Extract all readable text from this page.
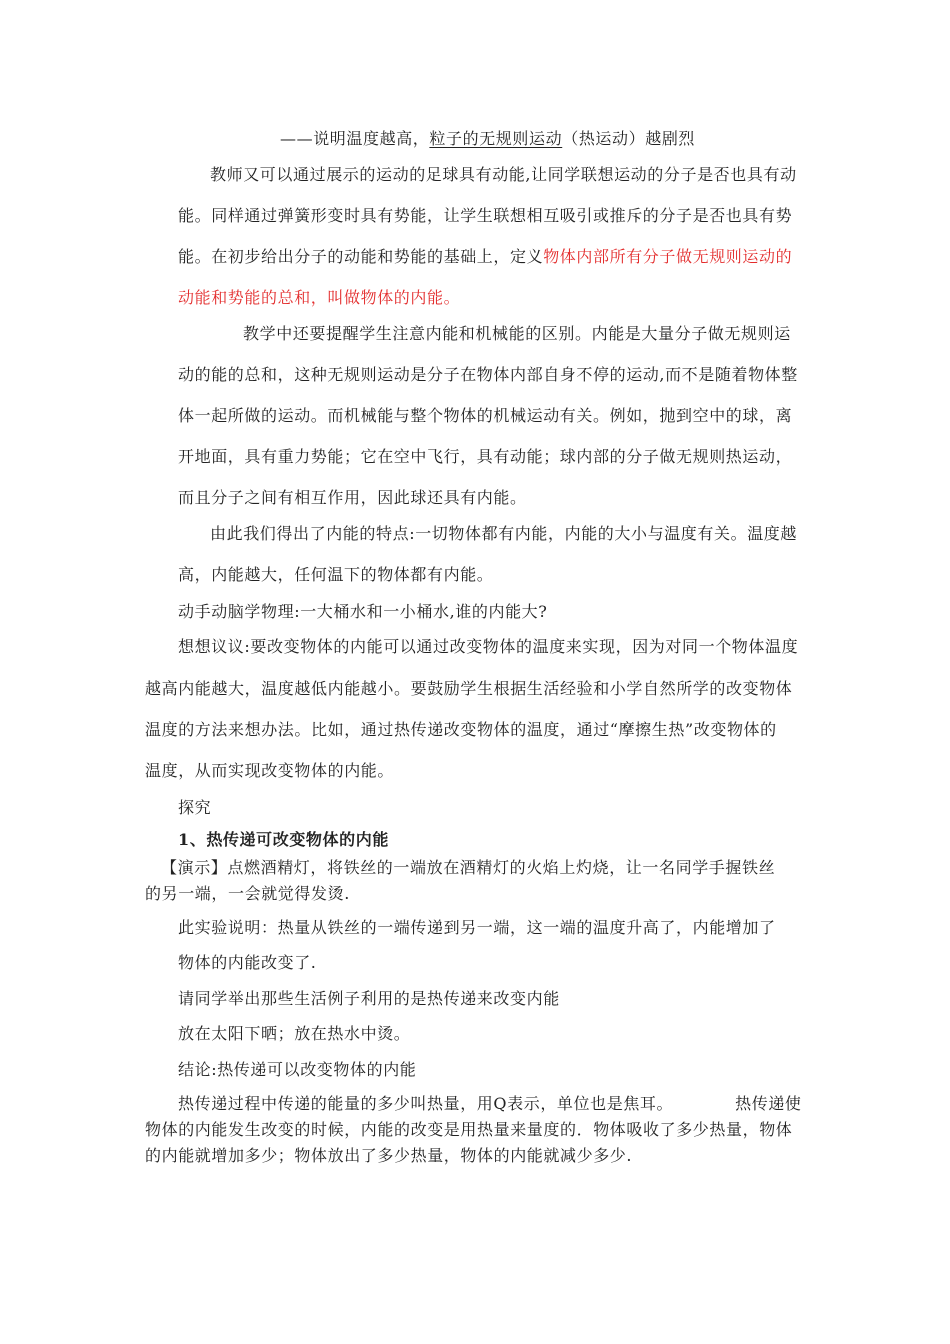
——说明温度越高，粒子的无规则运动（热运动）越剧烈
教师又可以通过展示的运动的足球具有动能,让同学联想运动的分子是否也具有动
能。同样通过弹簧形变时具有势能，让学生联想相互吸引或推斥的分子是否也具有势
能。在初步给出分子的动能和势能的基础上，定义物体内部所有分子做无规则运动的
动能和势能的总和，叫做物体的内能。
教学中还要提醒学生注意内能和机械能的区别。内能是大量分子做无规则运
动的能的总和，这种无规则运动是分子在物体内部自身不停的运动,而不是随着物体整
体一起所做的运动。而机械能与整个物体的机械运动有关。例如，抛到空中的球，离
开地面，具有重力势能；它在空中飞行，具有动能；球内部的分子做无规则热运动，
而且分子之间有相互作用，因此球还具有内能。
由此我们得出了内能的特点:一切物体都有内能，内能的大小与温度有关。温度越
高，内能越大，任何温下的物体都有内能。
动手动脑学物理:一大桶水和一小桶水,谁的内能大?
想想议议:要改变物体的内能可以通过改变物体的温度来实现，因为对同一个物体温度
越高内能越大，温度越低内能越小。要鼓励学生根据生活经验和小学自然所学的改变物体
温度的方法来想办法。比如，通过热传递改变物体的温度，通过“摩擦生热”改变物体的
温度，从而实现改变物体的内能。
探究
1、热传递可改变物体的内能
【演示】点燃酒精灯，将铁丝的一端放在酒精灯的火焰上灼烧，让一名同学手握铁丝
的另一端，一会就觉得发烫.
此实验说明：热量从铁丝的一端传递到另一端，这一端的温度升高了，内能增加了
物体的内能改变了.
请同学举出那些生活例子利用的是热传递来改变内能
放在太阳下晒；放在热水中烫。
结论:热传递可以改变物体的内能
热传递过程中传递的能量的多少叫热量，用Q表示，单位也是焦耳。	热传递使
物体的内能发生改变的时候，内能的改变是用热量来量度的．物体吸收了多少热量，物体
的内能就增加多少；物体放出了多少热量，物体的内能就减少多少.
